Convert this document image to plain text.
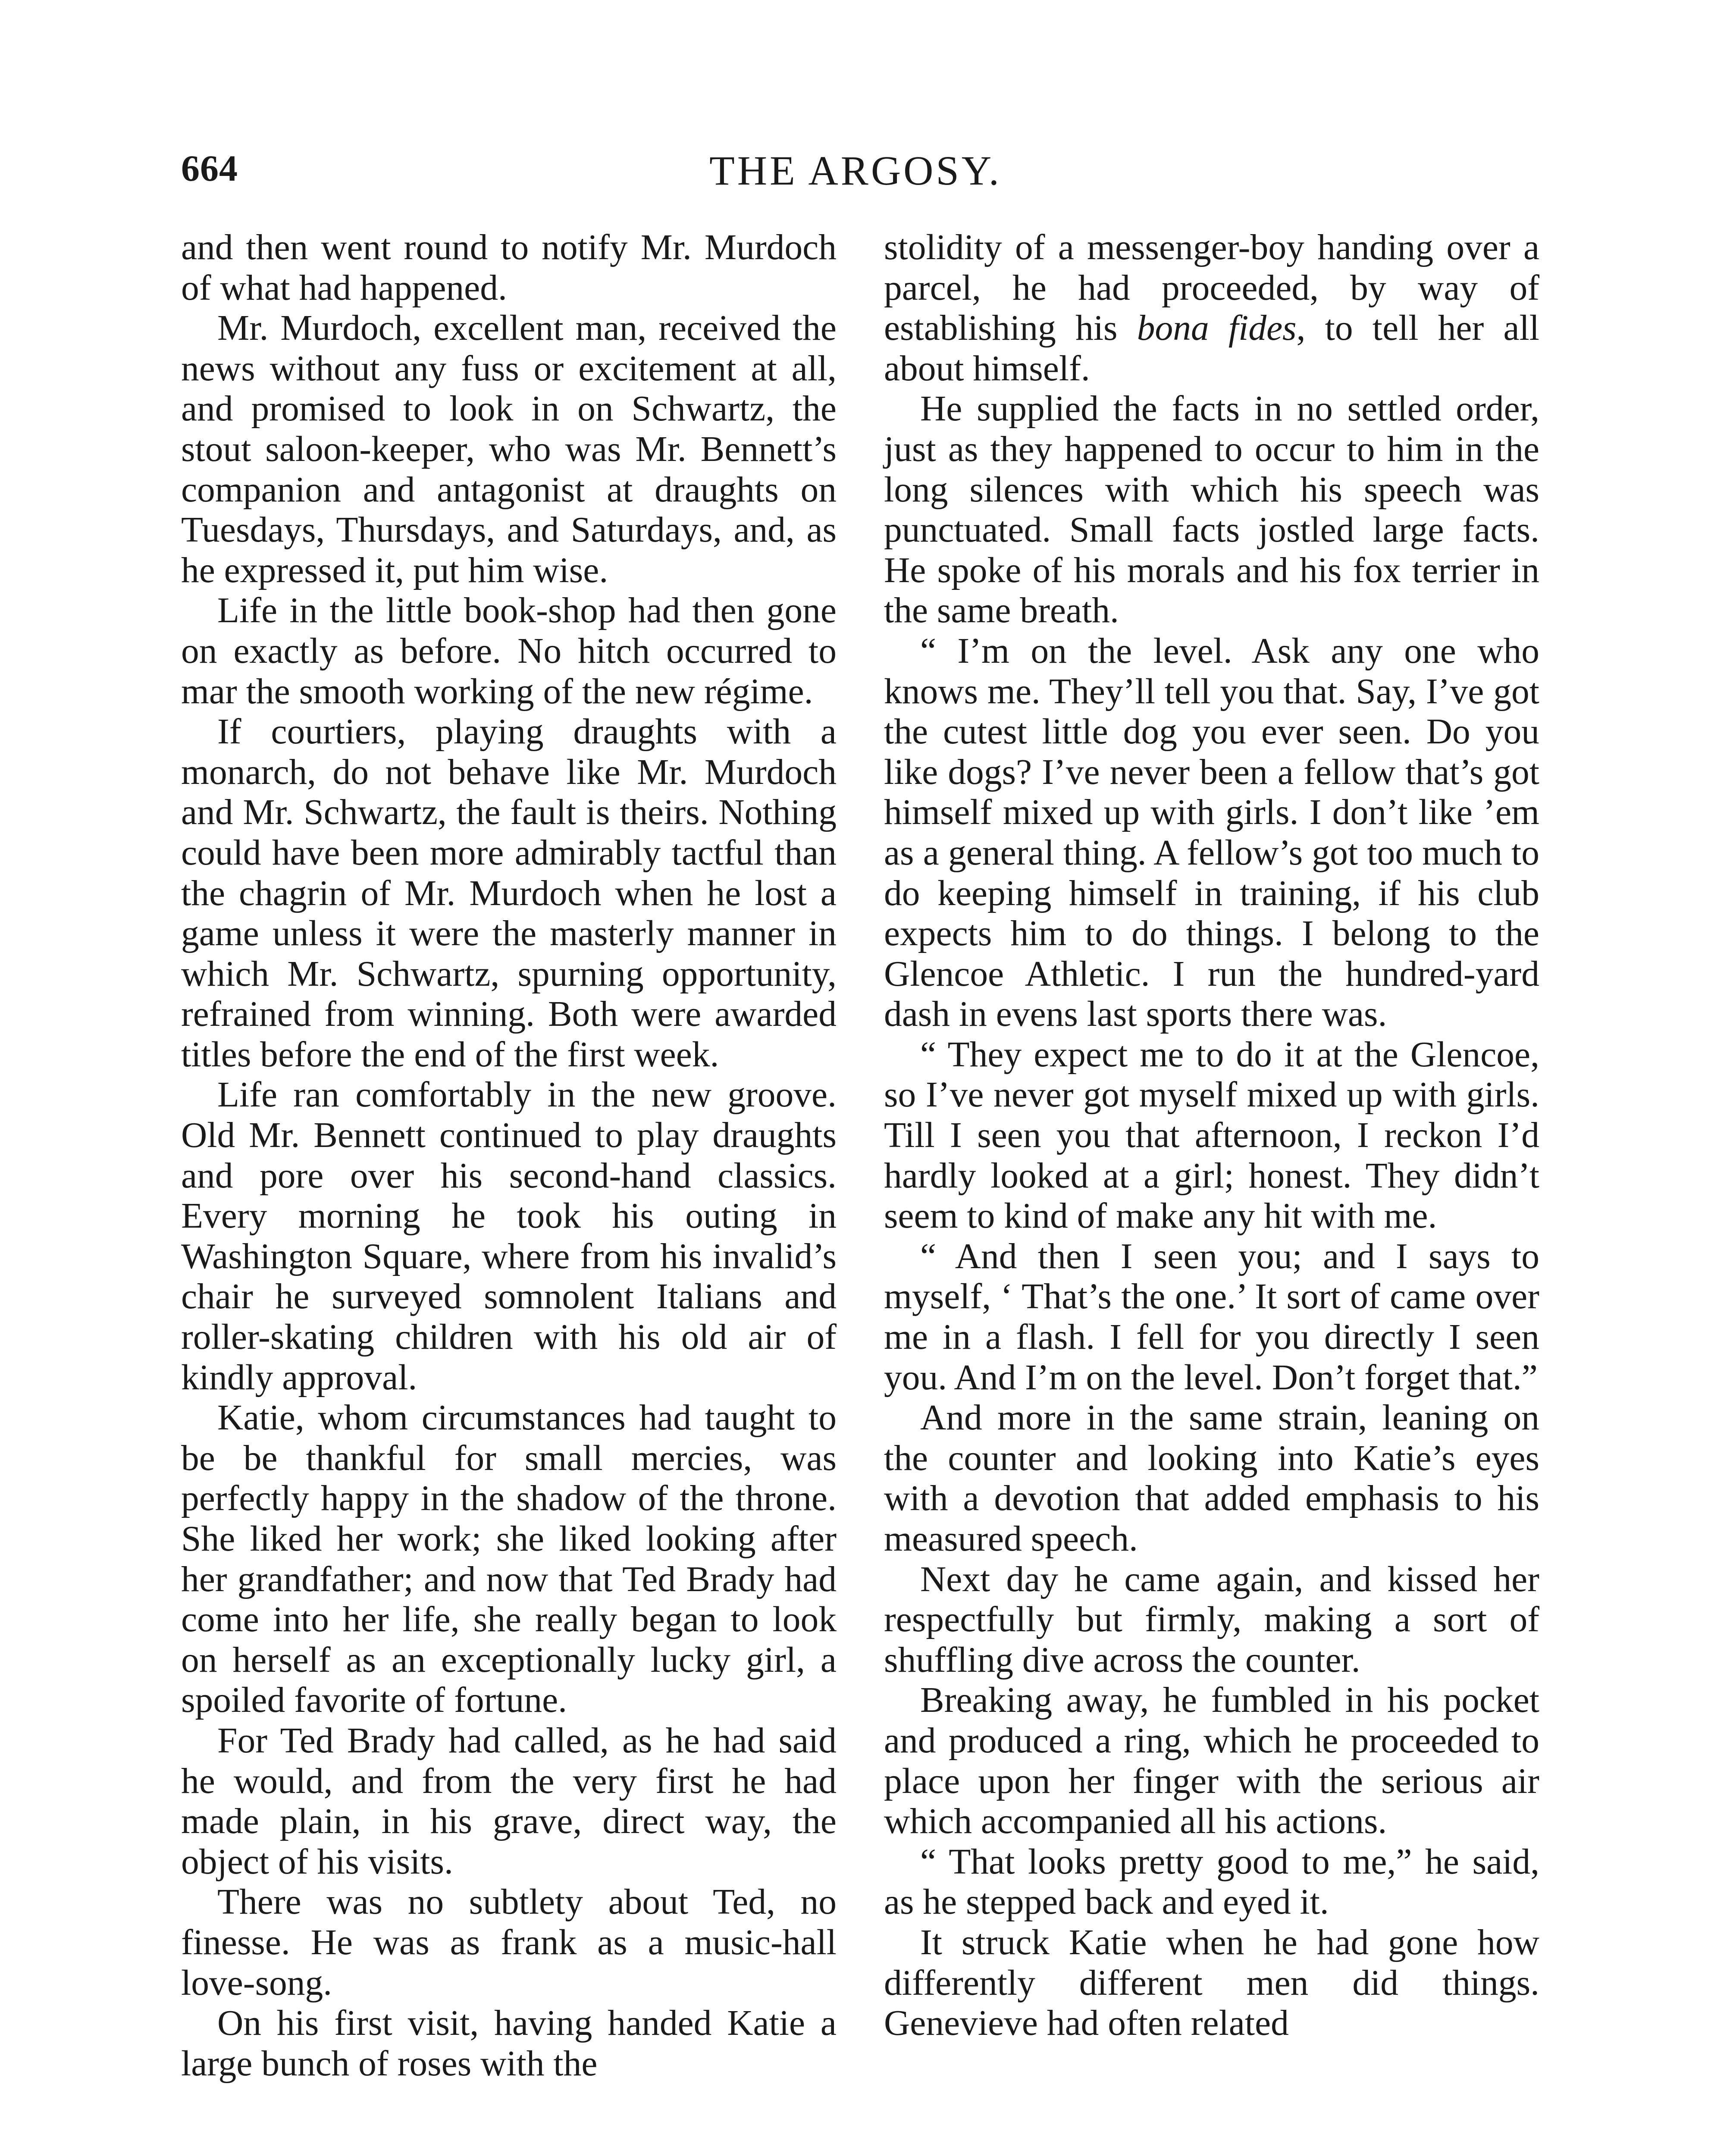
664	THE ARGOSY.

and then went round to notify Mr. Murdoch of what had happened.

Mr. Murdoch, excellent man, received the news without any fuss or excitement at all, and promised to look in on Schwartz, the stout saloon-keeper, who was Mr. Bennett’s companion and antagonist at draughts on Tuesdays, Thursdays, and Saturdays, and, as he expressed it, put him wise.

Life in the little book-shop had then gone on exactly as before. No hitch occurred to mar the smooth working of the new régime.

If courtiers, playing draughts with a monarch, do not behave like Mr. Murdoch and Mr. Schwartz, the fault is theirs. Nothing could have been more admirably tactful than the chagrin of Mr. Murdoch when he lost a game unless it were the masterly manner in which Mr. Schwartz, spurning opportunity, refrained from winning. Both were awarded titles before the end of the first week.

Life ran comfortably in the new groove. Old Mr. Bennett continued to play draughts and pore over his second-hand classics. Every morning he took his outing in Washington Square, where from his invalid’s chair he surveyed somnolent Italians and roller-skating children with his old air of kindly approval.

Katie, whom circumstances had taught to be be thankful for small mercies, was perfectly happy in the shadow of the throne. She liked her work; she liked looking after her grandfather; and now that Ted Brady had come into her life, she really began to look on herself as an exceptionally lucky girl, a spoiled favorite of fortune.

For Ted Brady had called, as he had said he would, and from the very first he had made plain, in his grave, direct way, the object of his visits.

There was no subtlety about Ted, no finesse. He was as frank as a music-hall love-song.

On his first visit, having handed Katie a large bunch of roses with the

stolidity of a messenger-boy handing over a parcel, he had proceeded, by way of establishing his bona fides, to tell her all about himself.

He supplied the facts in no settled order, just as they happened to occur to him in the long silences with which his speech was punctuated. Small facts jostled large facts. He spoke of his morals and his fox terrier in the same breath.

“ I’m on the level. Ask any one who knows me. They’ll tell you that. Say, I’ve got the cutest little dog you ever seen. Do you like dogs? I’ve never been a fellow that’s got himself mixed up with girls. I don’t like ’em as a general thing. A fellow’s got too much to do keeping himself in training, if his club expects him to do things. I belong to the Glencoe Athletic. I run the hundred-yard dash in evens last sports there was.

“ They expect me to do it at the Glencoe, so I’ve never got myself mixed up with girls. Till I seen you that afternoon, I reckon I’d hardly looked at a girl; honest. They didn’t seem to kind of make any hit with me.

“ And then I seen you; and I says to myself, ‘ That’s the one.’ It sort of came over me in a flash. I fell for you directly I seen you. And I’m on the level. Don’t forget that.”

And more in the same strain, leaning on the counter and looking into Katie’s eyes with a devotion that added emphasis to his measured speech.

Next day he came again, and kissed her respectfully but firmly, making a sort of shuffling dive across the counter.

Breaking away, he fumbled in his pocket and produced a ring, which he proceeded to place upon her finger with the serious air which accompanied all his actions.

“ That looks pretty good to me,” he said, as he stepped back and eyed it.

It struck Katie when he had gone how differently different men did things. Genevieve had often related
